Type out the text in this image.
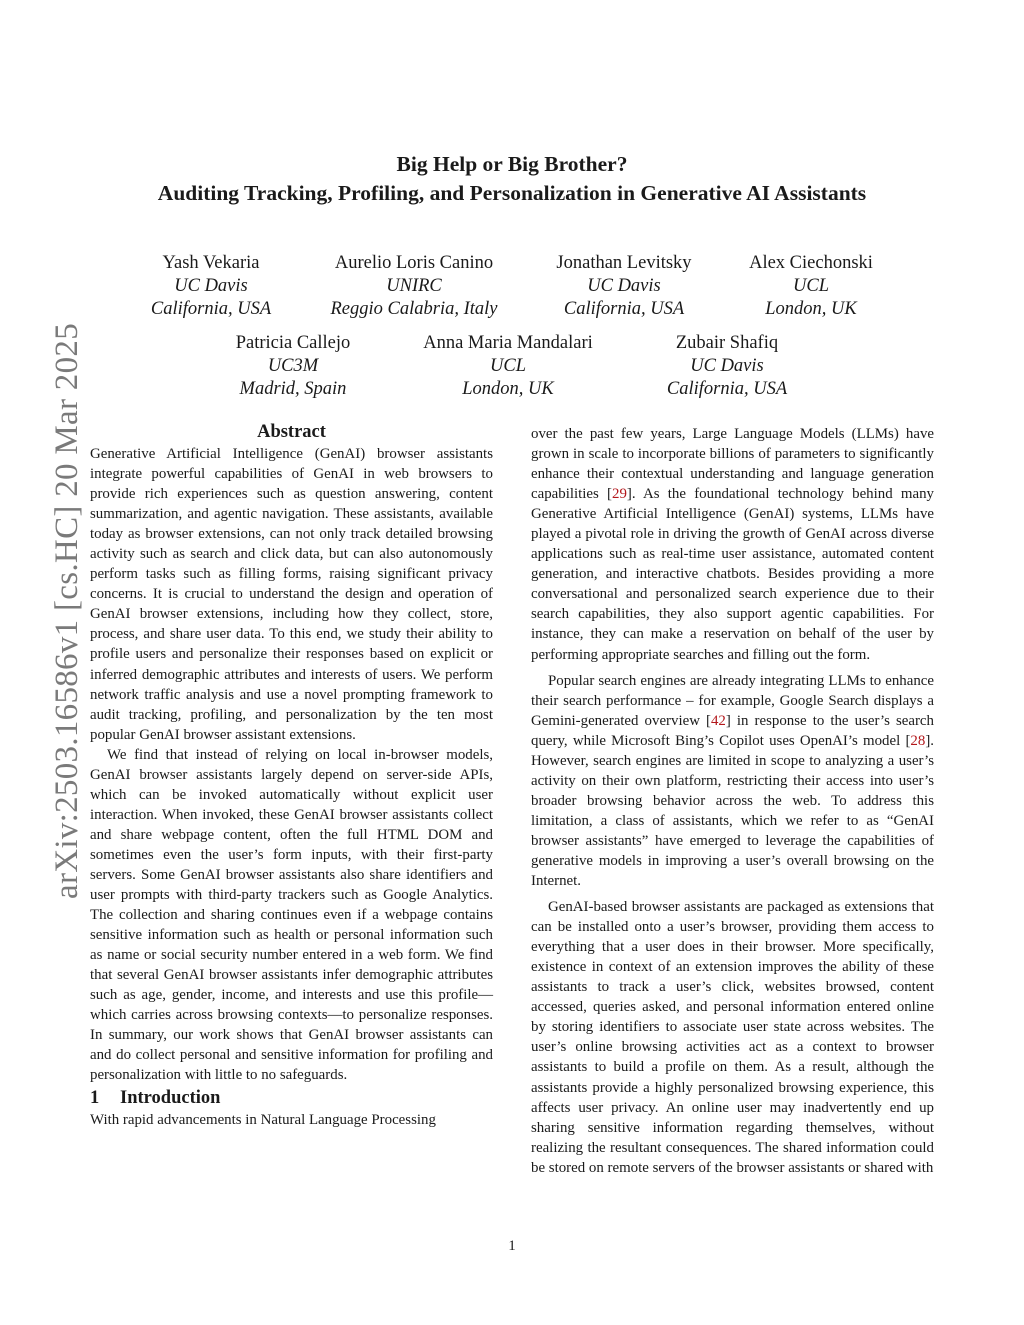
arXiv:2503.16586v1 [cs.HC] 20 Mar 2025
Big Help or Big Brother?
Auditing Tracking, Profiling, and Personalization in Generative AI Assistants
Yash Vekaria
UC Davis
California, USA
Aurelio Loris Canino
UNIRC
Reggio Calabria, Italy
Jonathan Levitsky
UC Davis
California, USA
Alex Ciechonski
UCL
London, UK
Patricia Callejo
UC3M
Madrid, Spain
Anna Maria Mandalari
UCL
London, UK
Zubair Shafiq
UC Davis
California, USA

Abstract

Generative Artificial Intelligence (GenAI) browser assistants integrate powerful capabilities of GenAI in web browsers to provide rich experiences such as question answering, content summarization, and agentic navigation. These assistants, available today as browser extensions, can not only track detailed browsing activity such as search and click data, but can also autonomously perform tasks such as filling forms, raising significant privacy concerns. It is crucial to understand the design and operation of GenAI browser extensions, including how they collect, store, process, and share user data. To this end, we study their ability to profile users and personalize their responses based on explicit or inferred demographic attributes and interests of users. We perform network traffic analysis and use a novel prompting framework to audit tracking, profiling, and personalization by the ten most popular GenAI browser assistant extensions.

We find that instead of relying on local in-browser models, GenAI browser assistants largely depend on server-side APIs, which can be invoked automatically without explicit user interaction. When invoked, these GenAI browser assistants collect and share webpage content, often the full HTML DOM and sometimes even the user’s form inputs, with their first-party servers. Some GenAI browser assistants also share identifiers and user prompts with third-party trackers such as Google Analytics. The collection and sharing continues even if a webpage contains sensitive information such as health or personal information such as name or social security number entered in a web form. We find that several GenAI browser assistants infer demographic attributes such as age, gender, income, and interests and use this profile—which carries across browsing contexts—to personalize responses. In summary, our work shows that GenAI browser assistants can and do collect personal and sensitive information for profiling and personalization with little to no safeguards.

1 Introduction

With rapid advancements in Natural Language Processing

over the past few years, Large Language Models (LLMs) have grown in scale to incorporate billions of parameters to significantly enhance their contextual understanding and language generation capabilities [29]. As the foundational technology behind many Generative Artificial Intelligence (GenAI) systems, LLMs have played a pivotal role in driving the growth of GenAI across diverse applications such as real-time user assistance, automated content generation, and interactive chatbots. Besides providing a more conversational and personalized search experience due to their search capabilities, they also support agentic capabilities. For instance, they can make a reservation on behalf of the user by performing appropriate searches and filling out the form.

Popular search engines are already integrating LLMs to enhance their search performance – for example, Google Search displays a Gemini-generated overview [42] in response to the user’s search query, while Microsoft Bing’s Copilot uses OpenAI’s model [28]. However, search engines are limited in scope to analyzing a user’s activity on their own platform, restricting their access into user’s broader browsing behavior across the web. To address this limitation, a class of assistants, which we refer to as “GenAI browser assistants” have emerged to leverage the capabilities of generative models in improving a user’s overall browsing on the Internet.

GenAI-based browser assistants are packaged as extensions that can be installed onto a user’s browser, providing them access to everything that a user does in their browser. More specifically, existence in context of an extension improves the ability of these assistants to track a user’s click, websites browsed, content accessed, queries asked, and personal information entered online by storing identifiers to associate user state across websites. The user’s online browsing activities act as a context to browser assistants to build a profile on them. As a result, although the assistants provide a highly personalized browsing experience, this affects user privacy. An online user may inadvertently end up sharing sensitive information regarding themselves, without realizing the resultant consequences. The shared information could be stored on remote servers of the browser assistants or shared with

1
